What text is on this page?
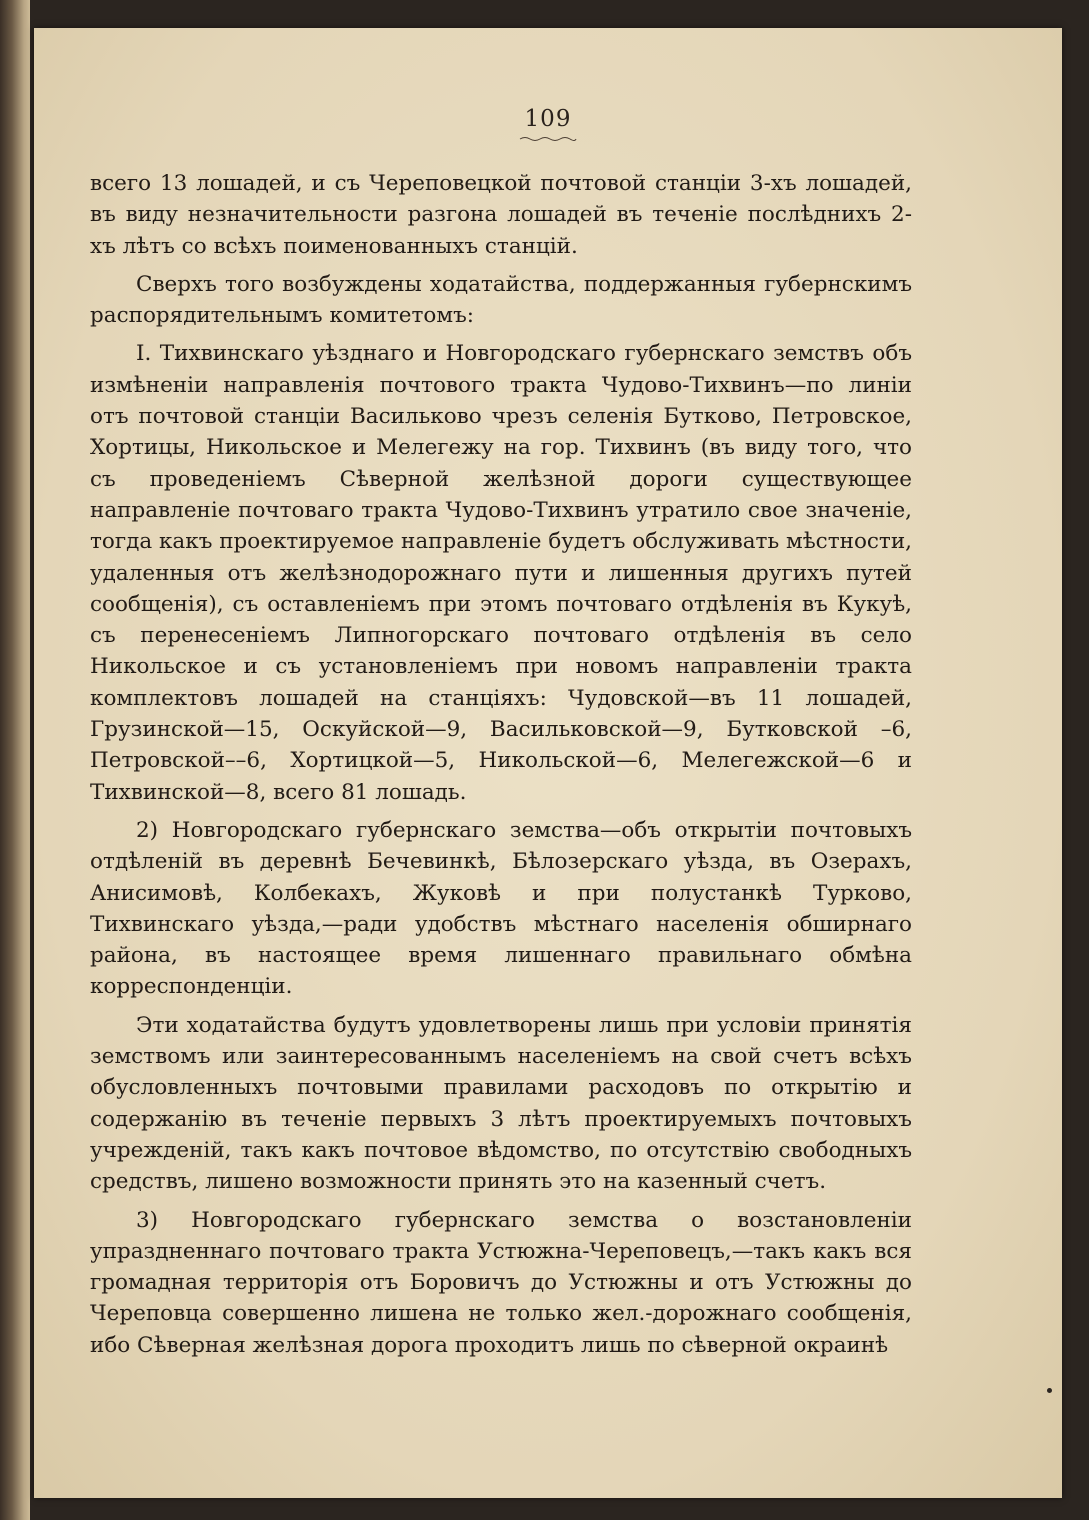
109

всего 13 лошадей, и съ Череповецкой почтовой станціи 3-хъ лошадей, въ виду незначительности разгона лошадей въ теченіе послѣднихъ 2-хъ лѣтъ со всѣхъ поименованныхъ станцій.

Сверхъ того возбуждены ходатайства, поддержанныя губернскимъ распорядительнымъ комитетомъ:

I. Тихвинскаго уѣзднаго и Новгородскаго губернскаго земствъ объ измѣненіи направленія почтового тракта Чудово-Тихвинъ—по линіи отъ почтовой станціи Васильково чрезъ селенія Бутково, Петровское, Хортицы, Никольское и Мелегежу на гор. Тихвинъ (въ виду того, что съ проведеніемъ Сѣверной желѣзной дороги существующее направленіе почтоваго тракта Чудово-Тихвинъ утратило свое значеніе, тогда какъ проектируемое направленіе будетъ обслуживать мѣстности, удаленныя отъ желѣзнодорожнаго пути и лишенныя другихъ путей сообщенія), съ оставленіемъ при этомъ почтоваго отдѣленія въ Кукуѣ, съ перенесеніемъ Липногорскаго почтоваго отдѣленія въ село Никольское и съ установленіемъ при новомъ направленіи тракта комплектовъ лошадей на станціяхъ: Чудовской—въ 11 лошадей, Грузинской—15, Оскуйской—9, Васильковской—9, Бутковской –6, Петровской––6, Хортицкой—5, Никольской—6, Мелегежской—6 и Тихвинской—8, всего 81 лошадь.

2) Новгородскаго губернскаго земства—объ открытіи почтовыхъ отдѣленій въ деревнѣ Бечевинкѣ, Бѣлозерскаго уѣзда, въ Озерахъ, Анисимовѣ, Колбекахъ, Жуковѣ и при полустанкѣ Турково, Тихвинскаго уѣзда,—ради удобствъ мѣстнаго населенія обширнаго района, въ настоящее время лишеннаго правильнаго обмѣна корреспонденціи.

Эти ходатайства будутъ удовлетворены лишь при условіи принятія земствомъ или заинтересованнымъ населеніемъ на свой счетъ всѣхъ обусловленныхъ почтовыми правилами расходовъ по открытію и содержанію въ теченіе первыхъ 3 лѣтъ проектируемыхъ почтовыхъ учрежденій, такъ какъ почтовое вѣдомство, по отсутствію свободныхъ средствъ, лишено возможности принять это на казенный счетъ.

3) Новгородскаго губернскаго земства о возстановленіи упраздненнаго почтоваго тракта Устюжна-Череповецъ,—такъ какъ вся громадная территорія отъ Боровичъ до Устюжны и отъ Устюжны до Череповца совершенно лишена не только жел.-дорожнаго сообщенія, ибо Сѣверная желѣзная дорога проходитъ лишь по сѣверной окраинѣ
